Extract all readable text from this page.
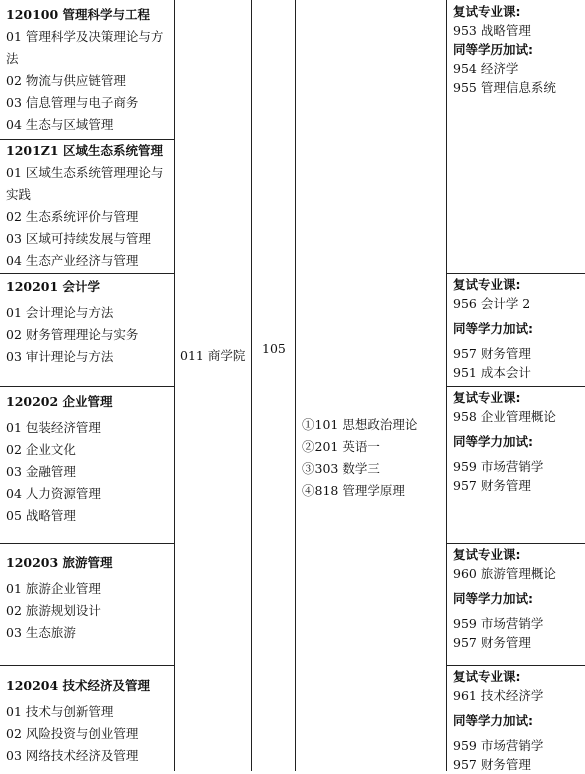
120100 管理科学与工程
01 管理科学及决策理论与方
法
02 物流与供应链管理
03 信息管理与电子商务
04 生态与区域管理
1201Z1 区域生态系统管理
01 区域生态系统管理理论与
实践
02 生态系统评价与管理
03 区域可持续发展与管理
04 生态产业经济与管理
120201 会计学
01 会计理论与方法
02 财务管理理论与实务
03 审计理论与方法
120202 企业管理
01 包装经济管理
02 企业文化
03 金融管理
04 人力资源管理
05 战略管理
120203 旅游管理
01 旅游企业管理
02 旅游规划设计
03 生态旅游
120204 技术经济及管理
01 技术与创新管理
02 风险投资与创业管理
03 网络技术经济及管理
011 商学院 105
①101 思想政治理论
②201 英语一
③303 数学三
④818 管理学原理
复试专业课:
953 战略管理
同等学历加试:
954 经济学
955 管理信息系统
复试专业课:
956 会计学 2
同等学力加试:
957 财务管理
951 成本会计
复试专业课:
958 企业管理概论
同等学力加试:
959 市场营销学
957 财务管理
复试专业课:
960 旅游管理概论
同等学力加试:
959 市场营销学
957 财务管理
复试专业课:
961 技术经济学
同等学力加试:
959 市场营销学
957 财务管理
